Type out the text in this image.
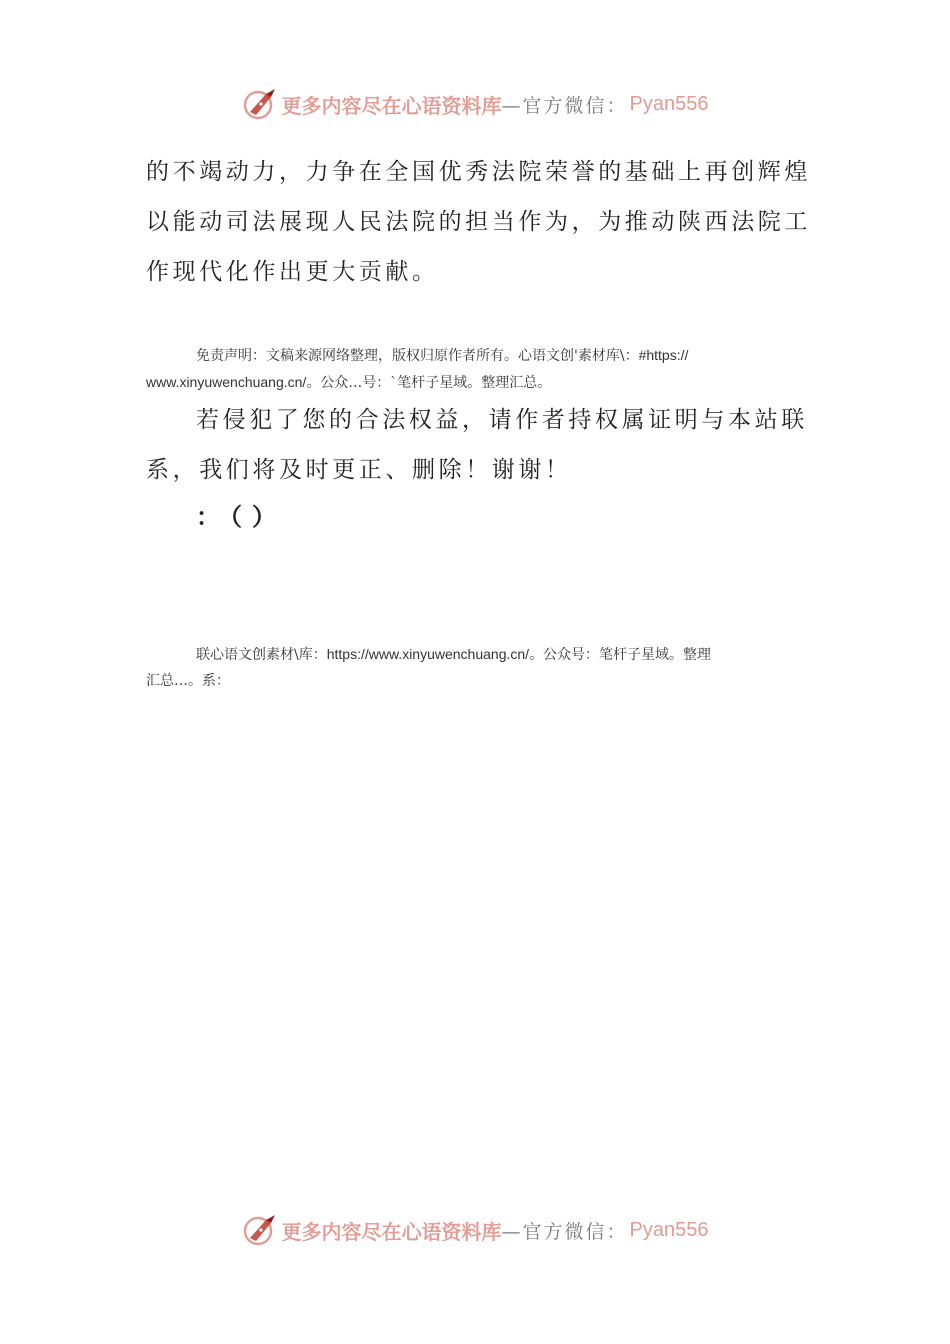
更多内容尽在心语资料库 —官方微信： Pyan556

的不竭动力，力争在全国优秀法院荣誉的基础上再创辉煌

以能动司法展现人民法院的担当作为，为推动陕西法院工

作现代化作出更大贡献。

免责声明：文稿来源网络整理，版权归原作者所有。心语文创'素材库\：#https://

www.xinyuwenchuang.cn/。公众…号：`笔杆子星域。整理汇总。

若侵犯了您的合法权益，请作者持权属证明与本站联

系，我们将及时更正、删除！谢谢！

：（）

联心语文创素材\库：https://www.xinyuwenchuang.cn/。公众号：笔杆子星域。整理

汇总…。系：

更多内容尽在心语资料库 —官方微信： Pyan556
